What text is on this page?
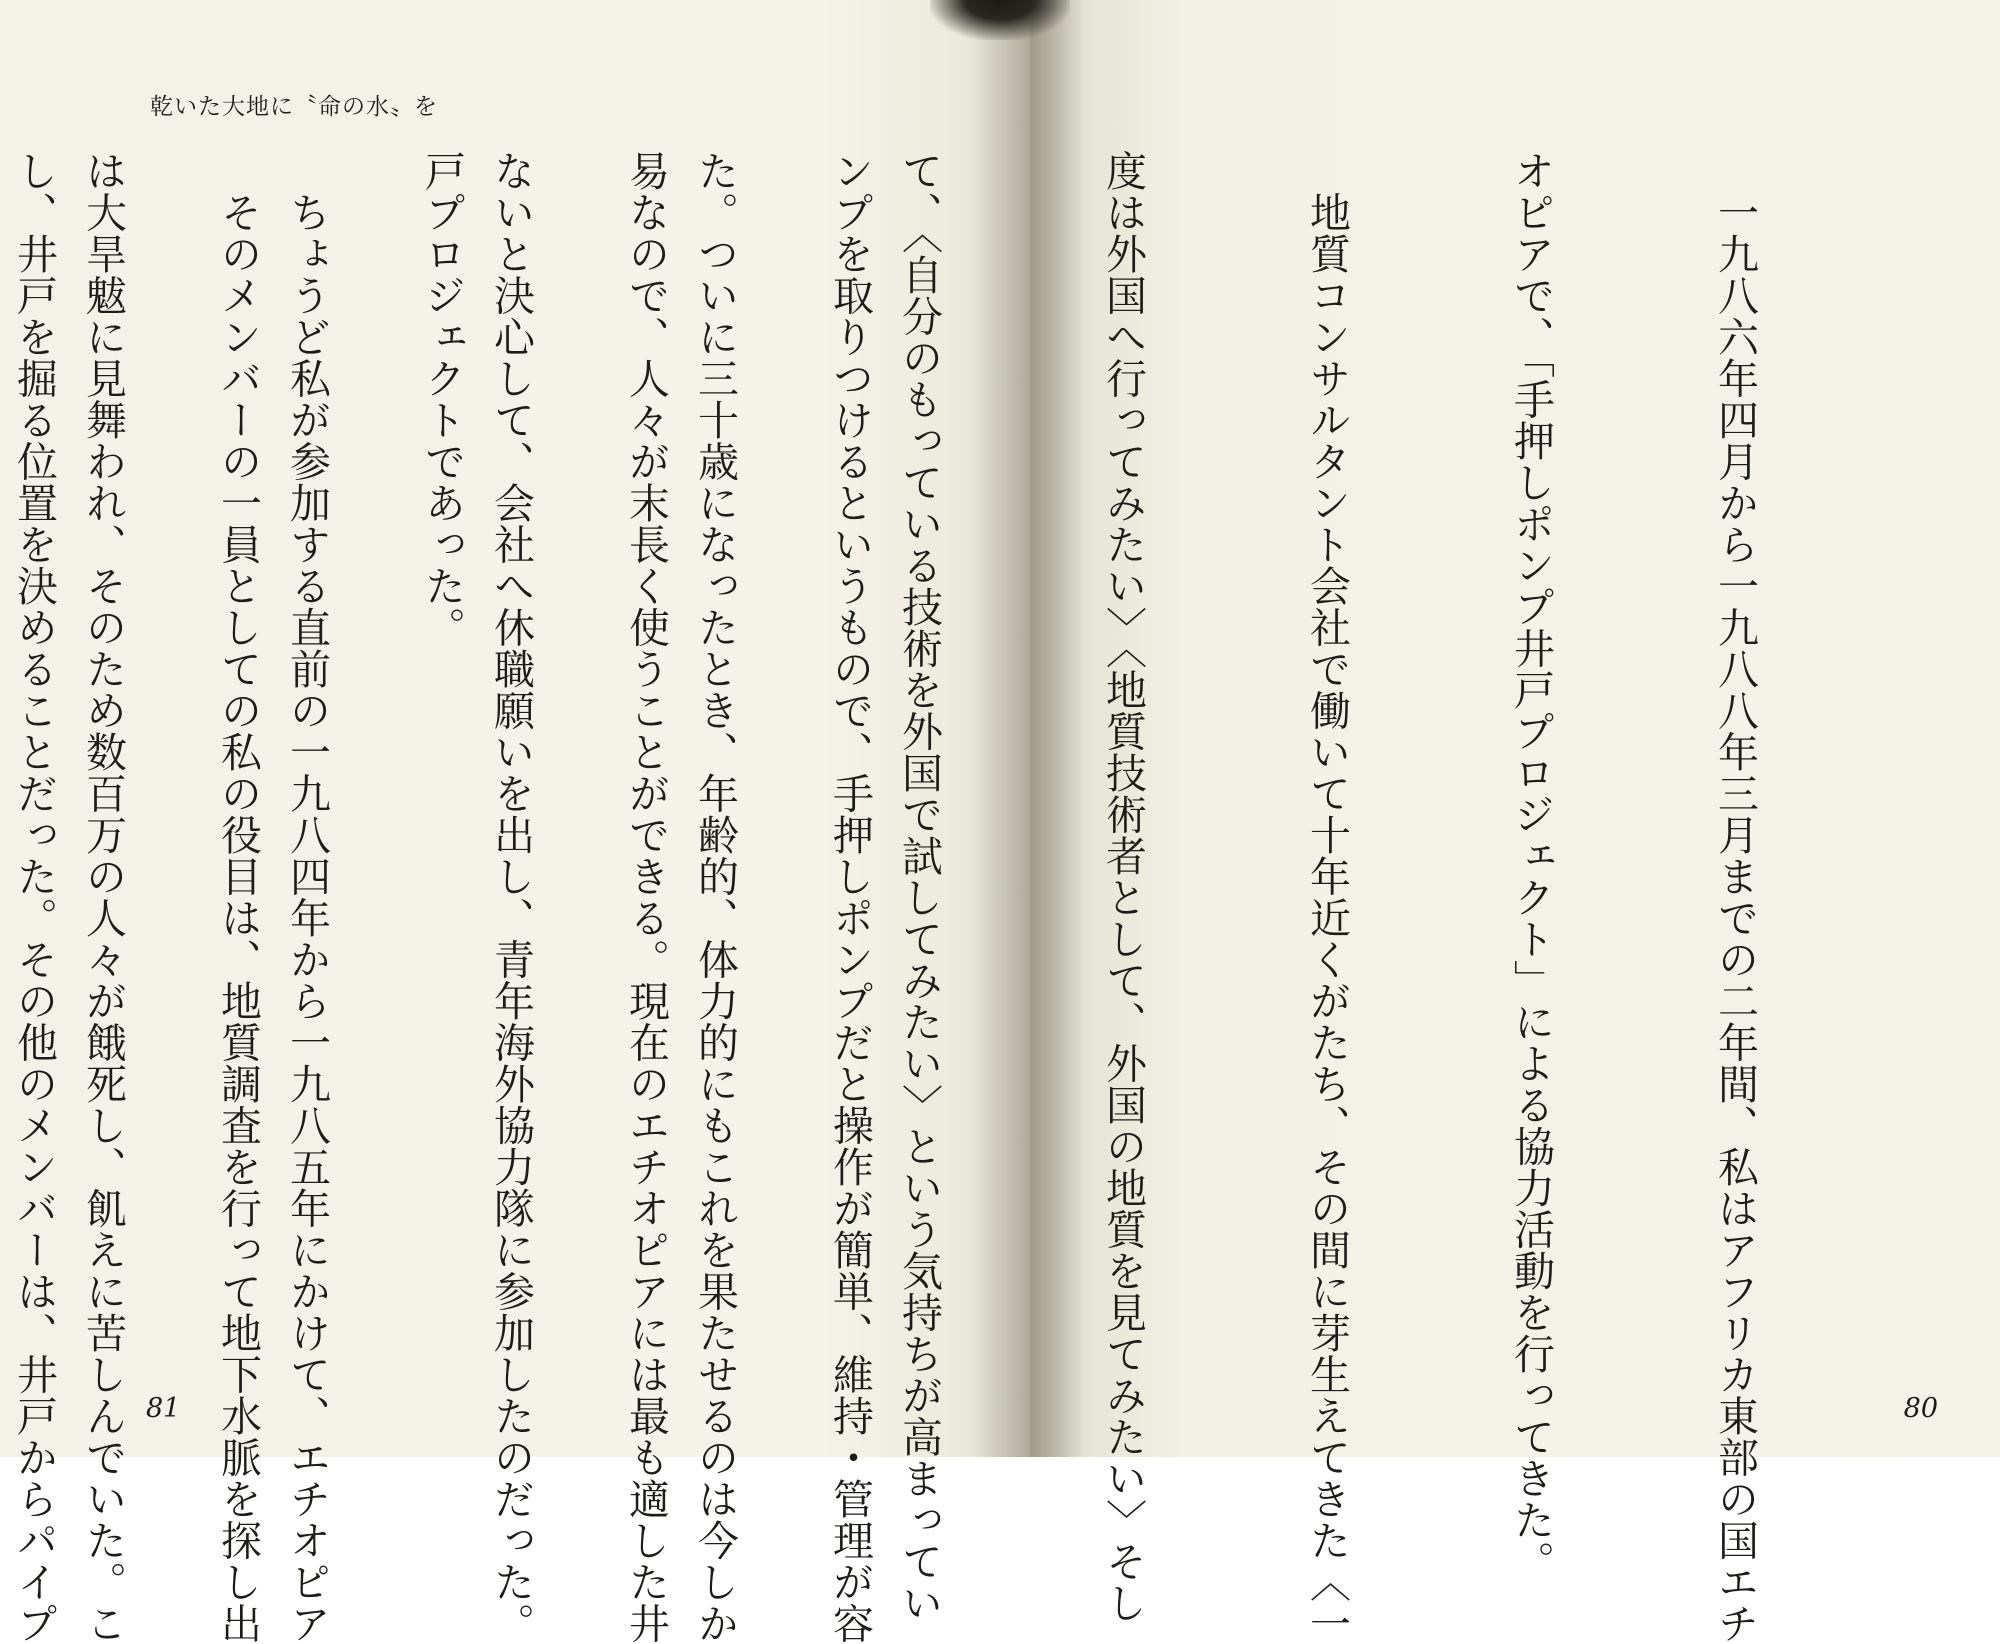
乾いた大地に〝命の水〟を

ンプを取りつけるというもので、手押しポンプだと操作が簡単、維持・管理が容

易なので、人々が末長く使うことができる。現在のエチオピアには最も適した井

戸プロジェクトであった。

　そのメンバーの一員としての私の役目は、地質調査を行って地下水脈を探し出

し、井戸を掘る位置を決めることだった。その他のメンバーは、井戸からパイプ

	81	80

　一九八六年四月から一九八八年三月までの二年間、私はアフリカ東部の国エチ

オピアで、「手押しポンプ井戸プロジェクト」による協力活動を行ってきた。

　地質コンサルタント会社で働いて十年近くがたち、その間に芽生えてきた〈一

度は外国へ行ってみたい〉〈地質技術者として、外国の地質を見てみたい〉そし

て、〈自分のもっている技術を外国で試してみたい〉という気持ちが高まってい

た。ついに三十歳になったとき、年齢的、体力的にもこれを果たせるのは今しか

ないと決心して、会社へ休職願いを出し、青年海外協力隊に参加したのだった。

　ちょうど私が参加する直前の一九八四年から一九八五年にかけて、エチオピア

は大旱魃に見舞われ、そのため数百万の人々が餓死し、飢えに苦しんでいた。こ
